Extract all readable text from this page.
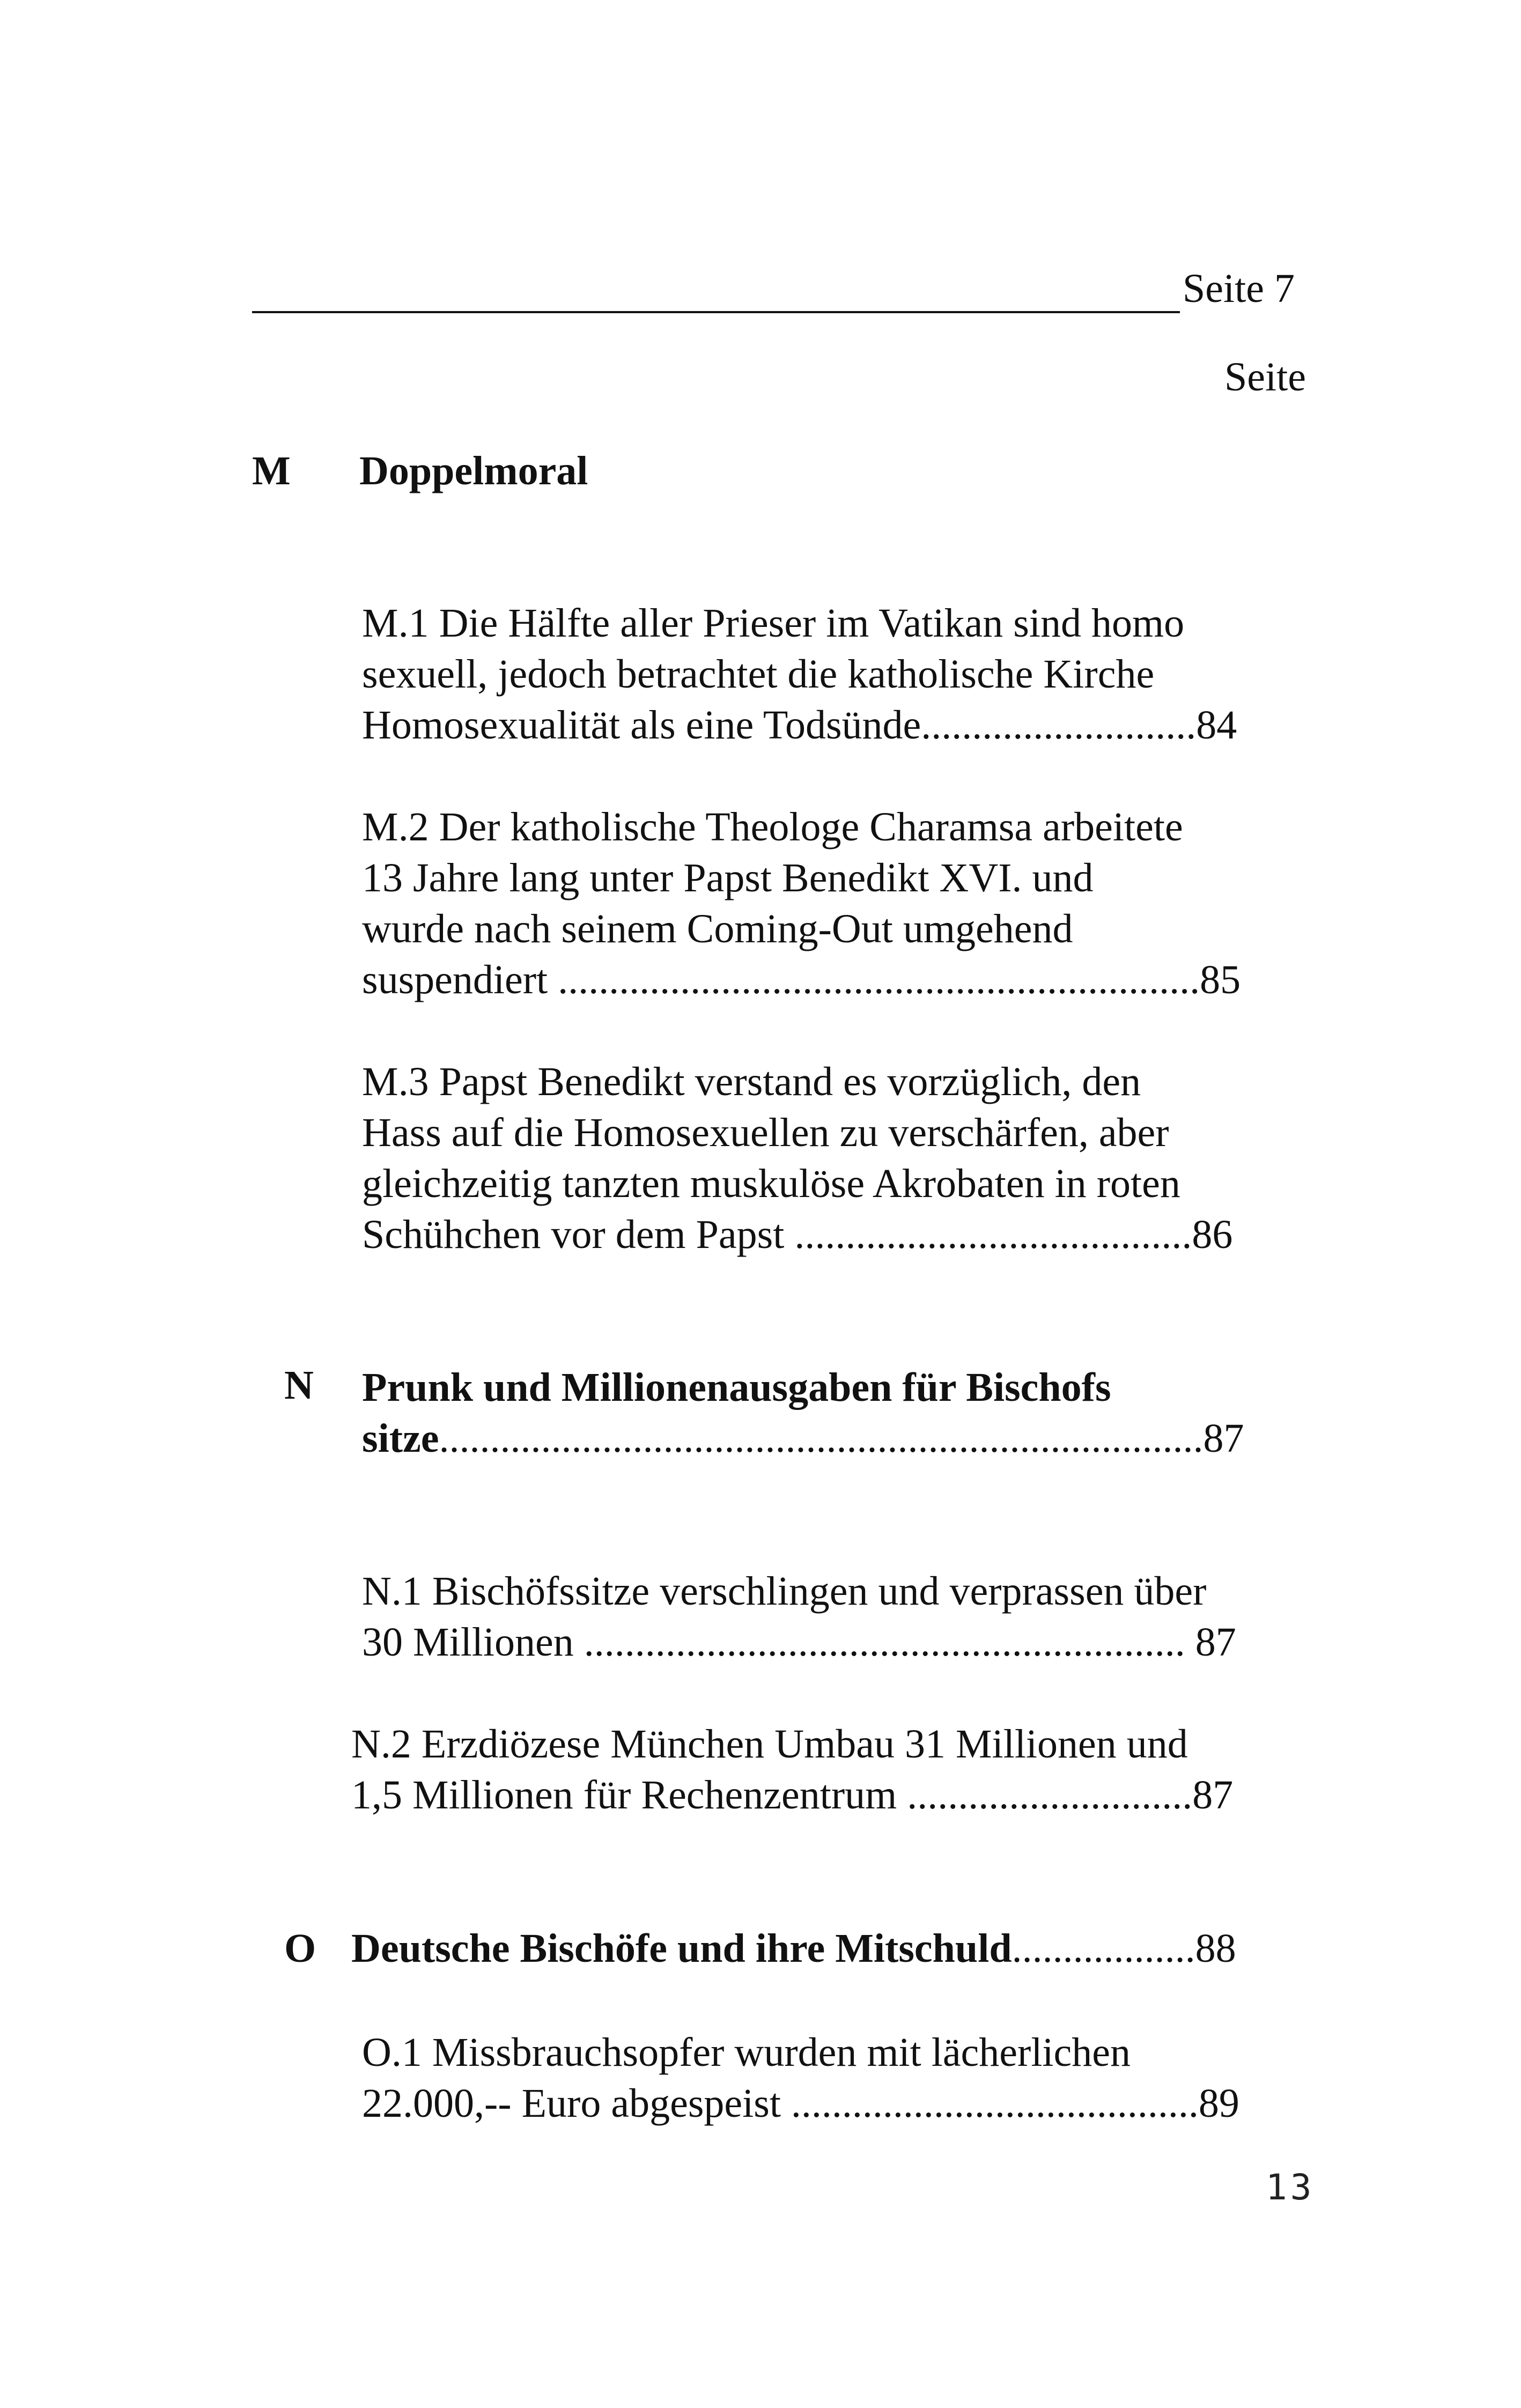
Seite 7
Seite
M Doppelmoral
M.1 Die Hälfte aller Prieser im Vatikan sind homo
sexuell, jedoch betrachtet die katholische Kirche
Homosexualität als eine Todsünde...........................84
M.2 Der katholische Theologe Charamsa arbeitete
13 Jahre lang unter Papst Benedikt XVI. und
wurde nach seinem Coming-Out umgehend
suspendiert ...............................................................85
M.3 Papst Benedikt verstand es vorzüglich, den
Hass auf die Homosexuellen zu verschärfen, aber
gleichzeitig tanzten muskulöse Akrobaten in roten
Schühchen vor dem Papst .......................................86
N Prunk und Millionenausgaben für Bischofs
sitze...........................................................................87
N.1 Bischöfssitze verschlingen und verprassen über
30 Millionen ........................................................... 87
N.2 Erzdiözese München Umbau 31 Millionen und
1,5 Millionen für Rechenzentrum ............................87
O Deutsche Bischöfe und ihre Mitschuld..................88
O.1 Missbrauchsopfer wurden mit lächerlichen
22.000,-- Euro abgespeist ........................................89
13
